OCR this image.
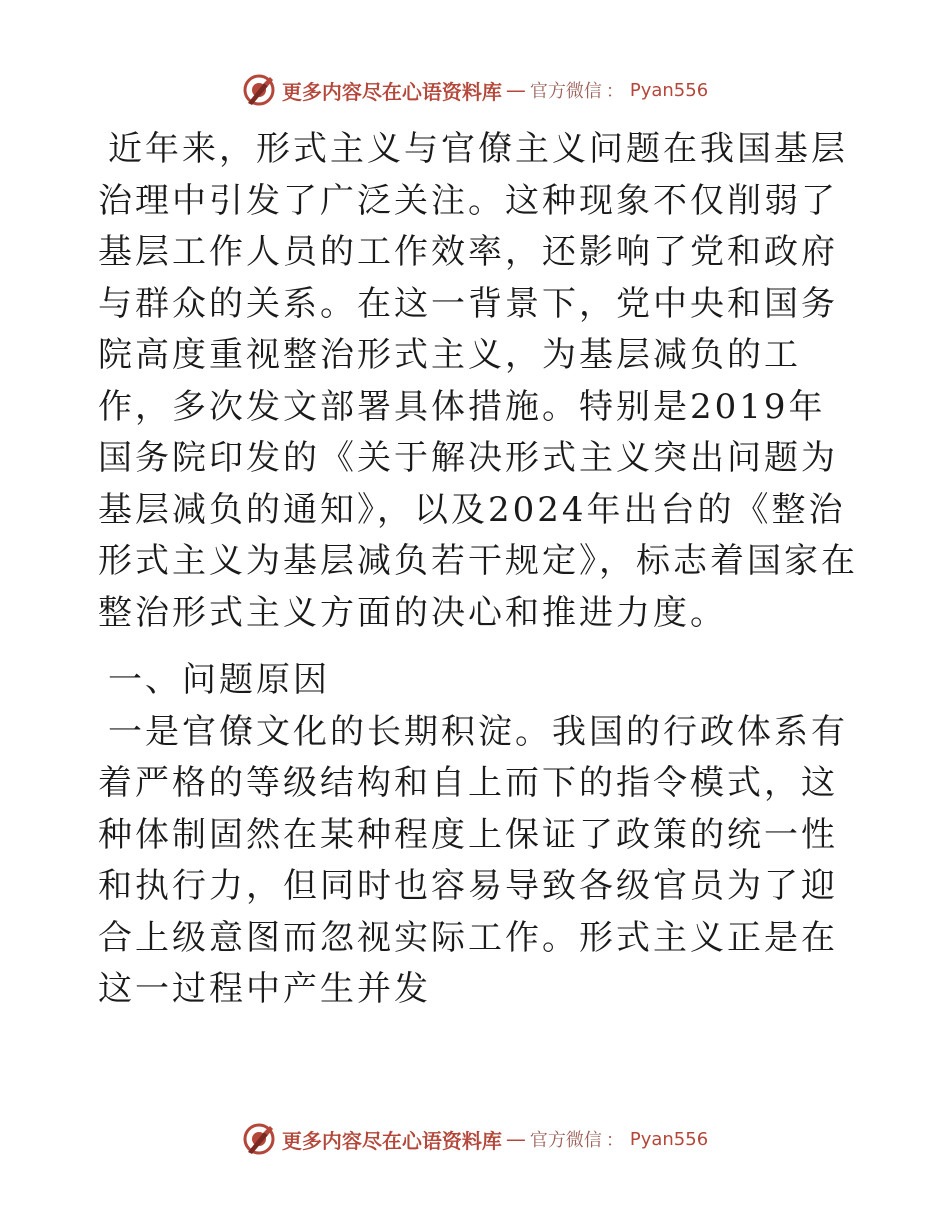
更多内容尽在心语资料库 — 官方微信 ： Pyan556

近年来，形式主义与官僚主义问题在我国基层治理中引发了广泛关注。这种现象不仅削弱了基层工作人员的工作效率，还影响了党和政府与群众的关系。在这一背景下，党中央和国务院高度重视整治形式主义，为基层减负的工作，多次发文部署具体措施。特别是2019年国务院印发的《关于解决形式主义突出问题为基层减负的通知》，以及2024年出台的《整治形式主义为基层减负若干规定》，标志着国家在整治形式主义方面的决心和推进力度。

一、问题原因

一是官僚文化的长期积淀。我国的行政体系有着严格的等级结构和自上而下的指令模式，这种体制固然在某种程度上保证了政策的统一性和执行力，但同时也容易导致各级官员为了迎合上级意图而忽视实际工作。形式主义正是在这一过程中产生并发

更多内容尽在心语资料库 — 官方微信 ： Pyan556
